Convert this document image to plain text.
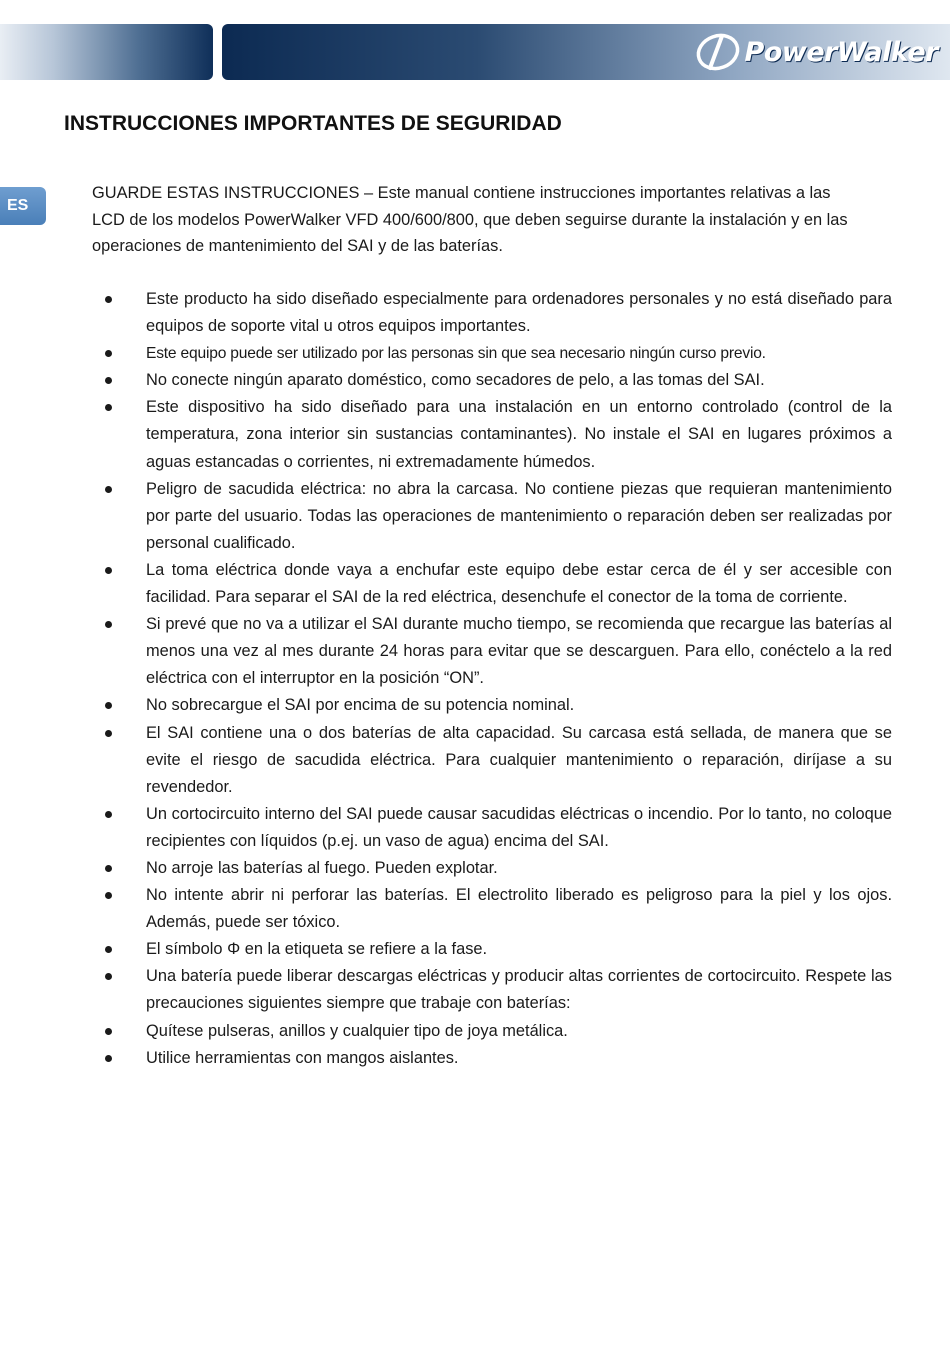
PowerWalker
INSTRUCCIONES IMPORTANTES DE SEGURIDAD
ES

GUARDE ESTAS INSTRUCCIONES – Este manual contiene instrucciones importantes relativas a las LCD de los modelos PowerWalker VFD 400/600/800, que deben seguirse durante la instalación y en las operaciones de mantenimiento del SAI y de las baterías.

Este producto ha sido diseñado especialmente para ordenadores personales y no está diseñado para equipos de soporte vital u otros equipos importantes.
Este equipo puede ser utilizado por las personas sin que sea necesario ningún curso previo.
No conecte ningún aparato doméstico, como secadores de pelo, a las tomas del SAI.
Este dispositivo ha sido diseñado para una instalación en un entorno controlado (control de la temperatura, zona interior sin sustancias contaminantes). No instale el SAI en lugares próximos a aguas estancadas o corrientes, ni extremadamente húmedos.
Peligro de sacudida eléctrica: no abra la carcasa. No contiene piezas que requieran mantenimiento por parte del usuario. Todas las operaciones de mantenimiento o reparación deben ser realizadas por personal cualificado.
La toma eléctrica donde vaya a enchufar este equipo debe estar cerca de él y ser accesible con facilidad. Para separar el SAI de la red eléctrica, desenchufe el conector de la toma de corriente.
Si prevé que no va a utilizar el SAI durante mucho tiempo, se recomienda que recargue las baterías al menos una vez al mes durante 24 horas para evitar que se descarguen. Para ello, conéctelo a la red eléctrica con el interruptor en la posición “ON”.
No sobrecargue el SAI por encima de su potencia nominal.
El SAI contiene una o dos baterías de alta capacidad. Su carcasa está sellada, de manera que se evite el riesgo de sacudida eléctrica. Para cualquier mantenimiento o reparación, diríjase a su revendedor.
Un cortocircuito interno del SAI puede causar sacudidas eléctricas o incendio. Por lo tanto, no coloque recipientes con líquidos (p.ej. un vaso de agua) encima del SAI.
No arroje las baterías al fuego. Pueden explotar.
No intente abrir ni perforar las baterías. El electrolito liberado es peligroso para la piel y los ojos. Además, puede ser tóxico.
El símbolo Φ en la etiqueta se refiere a la fase.
Una batería puede liberar descargas eléctricas y producir altas corrientes de cortocircuito. Respete las precauciones siguientes siempre que trabaje con baterías:
Quítese pulseras, anillos y cualquier tipo de joya metálica.
Utilice herramientas con mangos aislantes.
